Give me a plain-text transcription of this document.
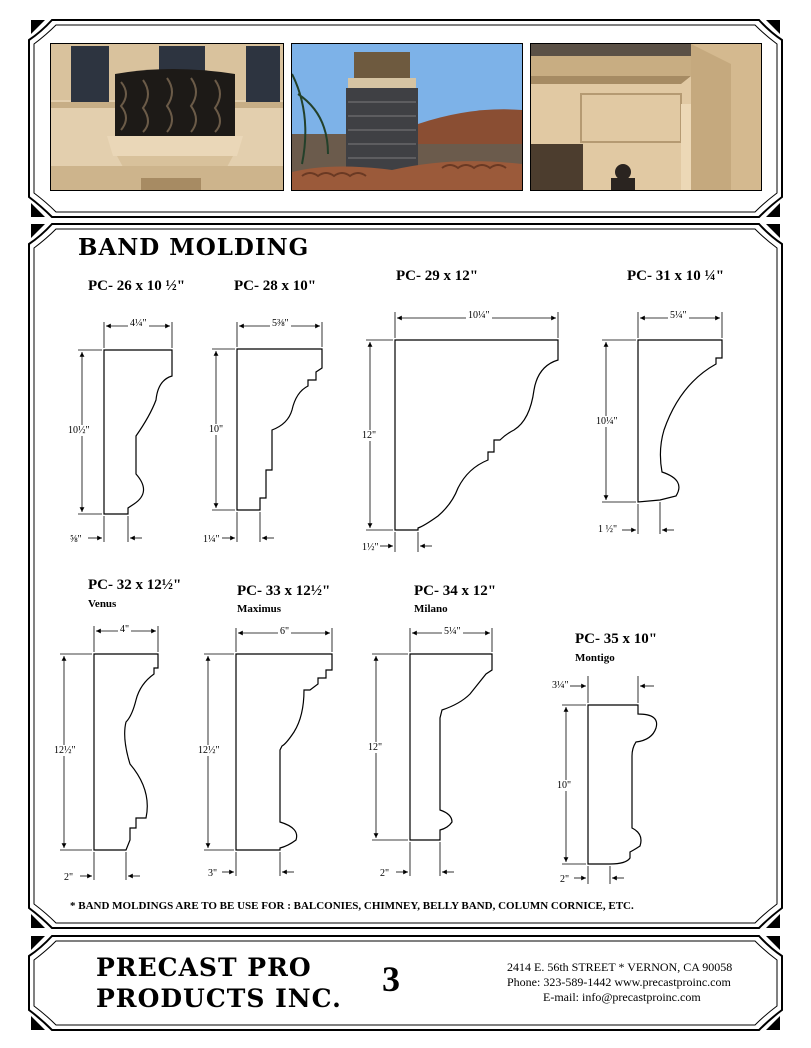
BAND MOLDING
PC- 26 x 10 ½"	PC- 28 x 10"
PC- 29 x 12"	PC- 31 x 10 ¼"
PC- 32 x 12½"
Venus
PC- 33 x 12½"
Maximus
PC- 34 x 12"
Milano
PC- 35 x 10"
Montigo
4¼"
10½"
⅝"
5⅜"
10"
1¼"
10¼"
12"
1½"
5¼"
10¼"
1 ½"
4"
12½"
2"
6"
12½"
3"
5¼"
12"
2"
3¼"
10"
2"
* BAND MOLDINGS ARE TO BE USE FOR : BALCONIES, CHIMNEY, BELLY BAND, COLUMN CORNICE, ETC.
PRECAST PRO
PRODUCTS INC. 3	2414 E. 56th STREET * VERNON, CA 90058
Phone: 323-589-1442 www.precastproinc.com
E-mail: info@precastproinc.com
